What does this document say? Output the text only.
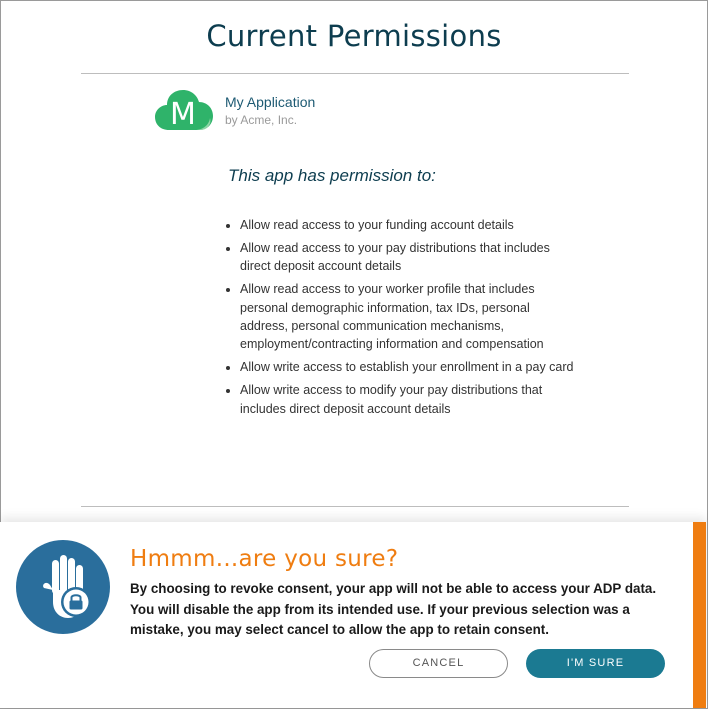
Current Permissions
M My Application
by Acme, Inc.
This app has permission to:
• Allow read access to your funding account details
• Allow read access to your pay distributions that includes direct deposit account details
• Allow read access to your worker profile that includes personal demographic information, tax IDs, personal address, personal communication mechanisms, employment/contracting information and compensation
• Allow write access to establish your enrollment in a pay card
• Allow write access to modify your pay distributions that includes direct deposit account details
Hmmm...are you sure?
By choosing to revoke consent, your app will not be able to access your ADP data. You will disable the app from its intended use. If your previous selection was a mistake, you may select cancel to allow the app to retain consent.
CANCEL	I'M SURE
